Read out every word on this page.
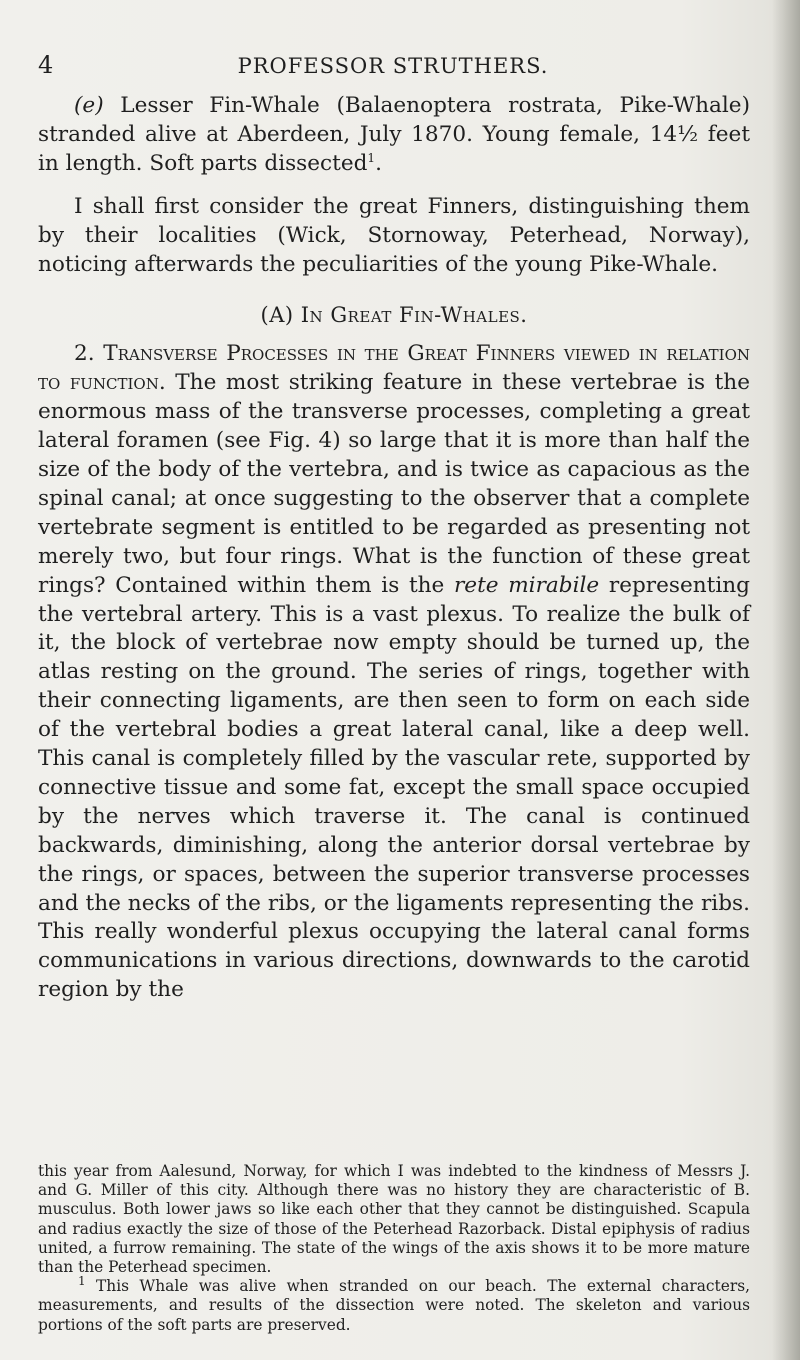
4	PROFESSOR STRUTHERS.

(e) Lesser Fin-Whale (Balaenoptera rostrata, Pike-Whale) stranded alive at Aberdeen, July 1870. Young female, 14½ feet in length. Soft parts dissected$^1$.

I shall first consider the great Finners, distinguishing them by their localities (Wick, Stornoway, Peterhead, Norway), noticing afterwards the peculiarities of the young Pike-Whale.

(A) In Great Fin-Whales.

2. Transverse Processes in the Great Finners viewed in relation to function. The most striking feature in these vertebrae is the enormous mass of the transverse processes, completing a great lateral foramen (see Fig. 4) so large that it is more than half the size of the body of the vertebra, and is twice as capacious as the spinal canal; at once suggesting to the observer that a complete vertebrate segment is entitled to be regarded as presenting not merely two, but four rings. What is the function of these great rings? Contained within them is the rete mirabile representing the vertebral artery. This is a vast plexus. To realize the bulk of it, the block of vertebrae now empty should be turned up, the atlas resting on the ground. The series of rings, together with their connecting ligaments, are then seen to form on each side of the vertebral bodies a great lateral canal, like a deep well. This canal is completely filled by the vascular rete, supported by connective tissue and some fat, except the small space occupied by the nerves which traverse it. The canal is continued backwards, diminishing, along the anterior dorsal vertebrae by the rings, or spaces, between the superior transverse processes and the necks of the ribs, or the ligaments representing the ribs. This really wonderful plexus occupying the lateral canal forms communications in various directions, downwards to the carotid region by the

this year from Aalesund, Norway, for which I was indebted to the kindness of Messrs J. and G. Miller of this city. Although there was no history they are characteristic of B. musculus. Both lower jaws so like each other that they cannot be distinguished. Scapula and radius exactly the size of those of the Peterhead Razorback. Distal epiphysis of radius united, a furrow remaining. The state of the wings of the axis shows it to be more mature than the Peterhead specimen.

$^1$ This Whale was alive when stranded on our beach. The external characters, measurements, and results of the dissection were noted. The skeleton and various portions of the soft parts are preserved.
